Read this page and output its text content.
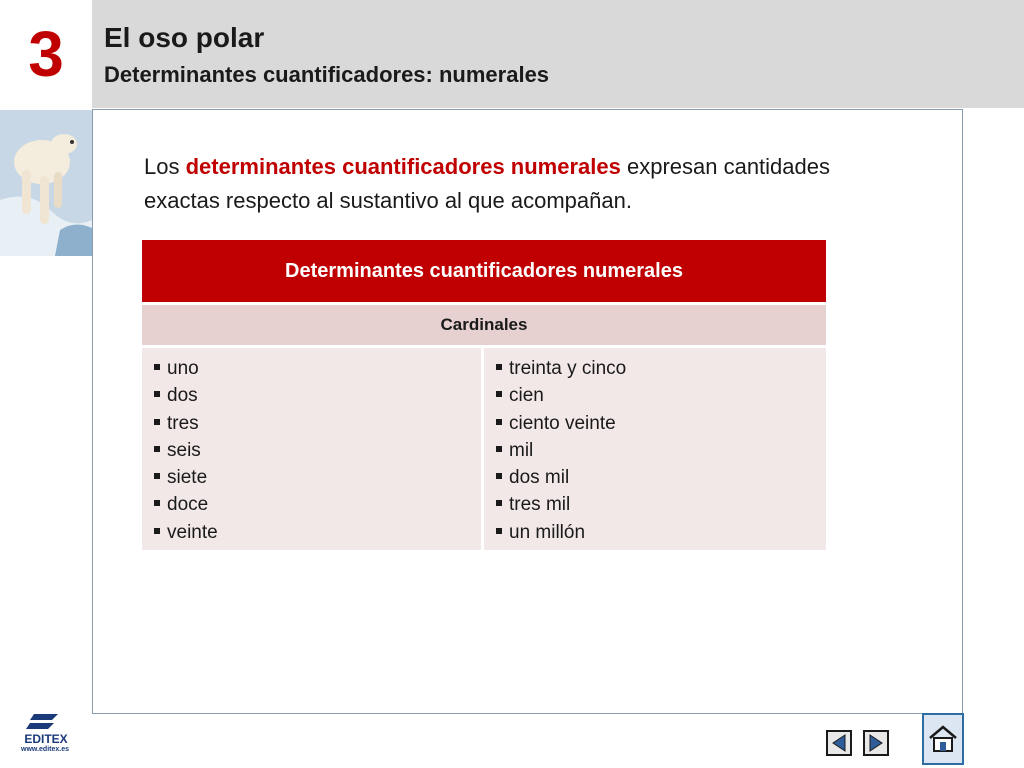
3	El oso polar
Determinantes cuantificadores: numerales
Los determinantes cuantificadores numerales expresan cantidades exactas respecto al sustantivo al que acompañan.
Determinantes cuantificadores numerales
Cardinales

uno
dos
tres
seis
siete
doce
veinte

treinta y cinco
cien
ciento veinte
mil
dos mil
tres mil
un millón
EDITEX
www.editex.es
